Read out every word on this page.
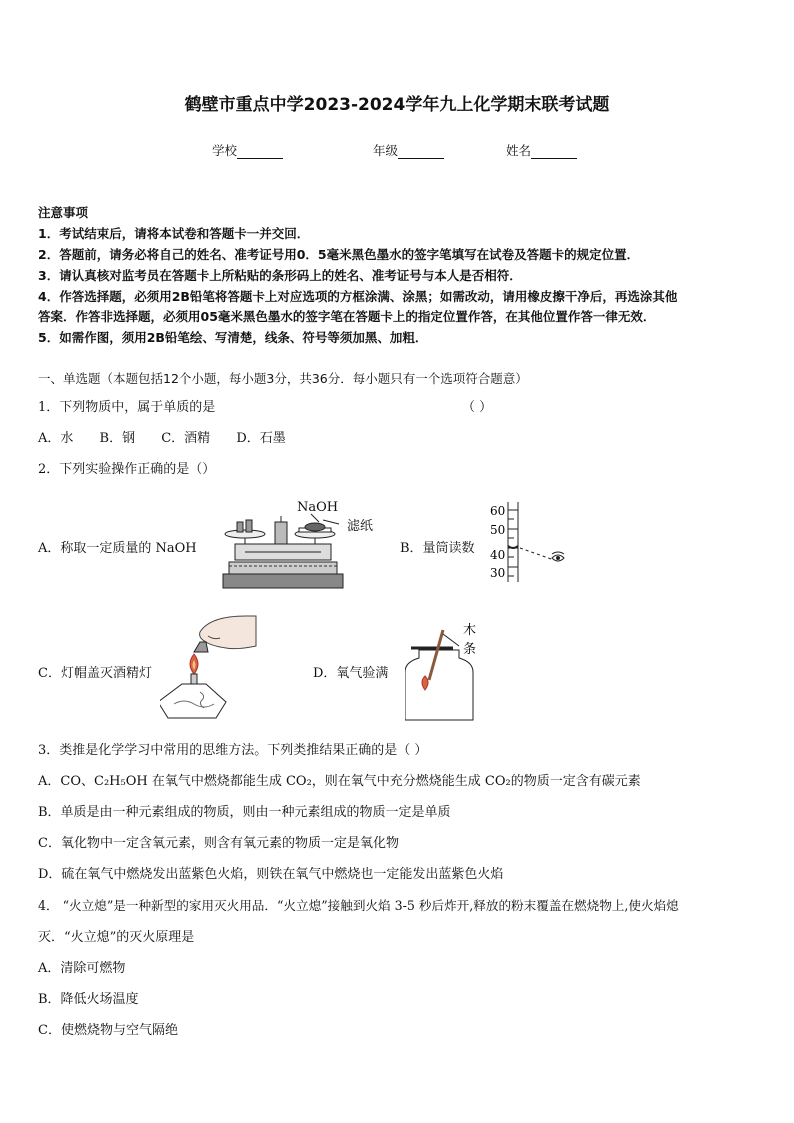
鹤壁市重点中学2023-2024学年九上化学期末联考试题
学校	年级	姓名
注意事项
1．考试结束后，请将本试卷和答题卡一并交回．
2．答题前，请务必将自己的姓名、准考证号用0．5毫米黑色墨水的签字笔填写在试卷及答题卡的规定位置．
3．请认真核对监考员在答题卡上所粘贴的条形码上的姓名、准考证号与本人是否相符．
4．作答选择题，必须用2B铅笔将答题卡上对应选项的方框涂满、涂黑；如需改动，请用橡皮擦干净后，再选涂其他
答案．作答非选择题，必须用05毫米黑色墨水的签字笔在答题卡上的指定位置作答，在其他位置作答一律无效．
5．如需作图，须用2B铅笔绘、写清楚，线条、符号等须加黑、加粗．
一、单选题（本题包括12个小题，每小题3分，共36分．每小题只有一个选项符合题意）
1．下列物质中，属于单质的是	（ ）
A．水 B．钢 C．酒精 D．石墨
2．下列实验操作正确的是（）
A．称取一定质量的 NaOH	B．量筒读数
C．灯帽盖灭酒精灯	D．氧气验满
NaOH
滤纸
60
50
40
30
木
条
3．类推是化学学习中常用的思维方法。下列类推结果正确的是（ ）
A．CO、C₂H₅OH 在氧气中燃烧都能生成 CO₂，则在氧气中充分燃烧能生成 CO₂的物质一定含有碳元素
B．单质是由一种元素组成的物质，则由一种元素组成的物质一定是单质
C．氧化物中一定含氧元素，则含有氧元素的物质一定是氧化物
D．硫在氧气中燃烧发出蓝紫色火焰，则铁在氧气中燃烧也一定能发出蓝紫色火焰
4． “火立熄”是一种新型的家用灭火用品．“火立熄”接触到火焰 3-5 秒后炸开,释放的粉末覆盖在燃烧物上,使火焰熄
灭．“火立熄”的灭火原理是
A．清除可燃物
B．降低火场温度
C．使燃烧物与空气隔绝
